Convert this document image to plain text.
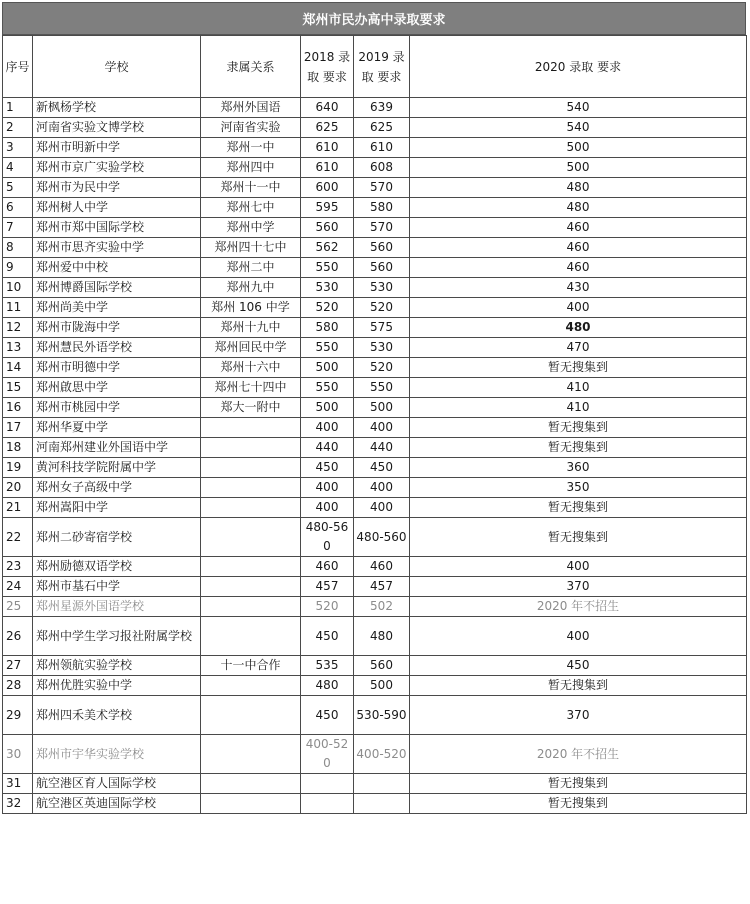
郑州市民办高中录取要求
序号	学校	隶属关系	2018 录取 要求	2019 录取 要求	2020 录取 要求
1	新枫杨学校	郑州外国语	640	639	540
2	河南省实验文博学校	河南省实验	625	625	540
3	郑州市明新中学	郑州一中	610	610	500
4	郑州市京广实验学校	郑州四中	610	608	500
5	郑州市为民中学	郑州十一中	600	570	480
6	郑州树人中学	郑州七中	595	580	480
7	郑州市郑中国际学校	郑州中学	560	570	460
8	郑州市思齐实验中学	郑州四十七中	562	560	460
9	郑州爱中中校	郑州二中	550	560	460
10	郑州博爵国际学校	郑州九中	530	530	430
11	郑州尚美中学	郑州 106 中学	520	520	400
12	郑州市陇海中学	郑州十九中	580	575	480
13	郑州慧民外语学校	郑州回民中学	550	530	470
14	郑州市明德中学	郑州十六中	500	520	暂无搜集到
15	郑州啟思中学	郑州七十四中	550	550	410
16	郑州市桃园中学	郑大一附中	500	500	410
17	郑州华夏中学		400	400	暂无搜集到
18	河南郑州建业外国语中学		440	440	暂无搜集到
19	黄河科技学院附属中学		450	450	360
20	郑州女子高级中学		400	400	350
21	郑州嵩阳中学		400	400	暂无搜集到
22	郑州二砂寄宿学校		480-560	480-560	暂无搜集到
23	郑州励德双语学校		460	460	400
24	郑州市基石中学		457	457	370
25	郑州星源外国语学校		520	502	2020 年不招生
26	郑州中学生学习报社附属学校		450	480	400
27	郑州领航实验学校	十一中合作	535	560	450
28	郑州优胜实验中学		480	500	暂无搜集到
29	郑州四禾美术学校		450	530-590	370
30	郑州市宇华实验学校		400-520	400-520	2020 年不招生
31	航空港区育人国际学校				暂无搜集到
32	航空港区英迪国际学校				暂无搜集到
